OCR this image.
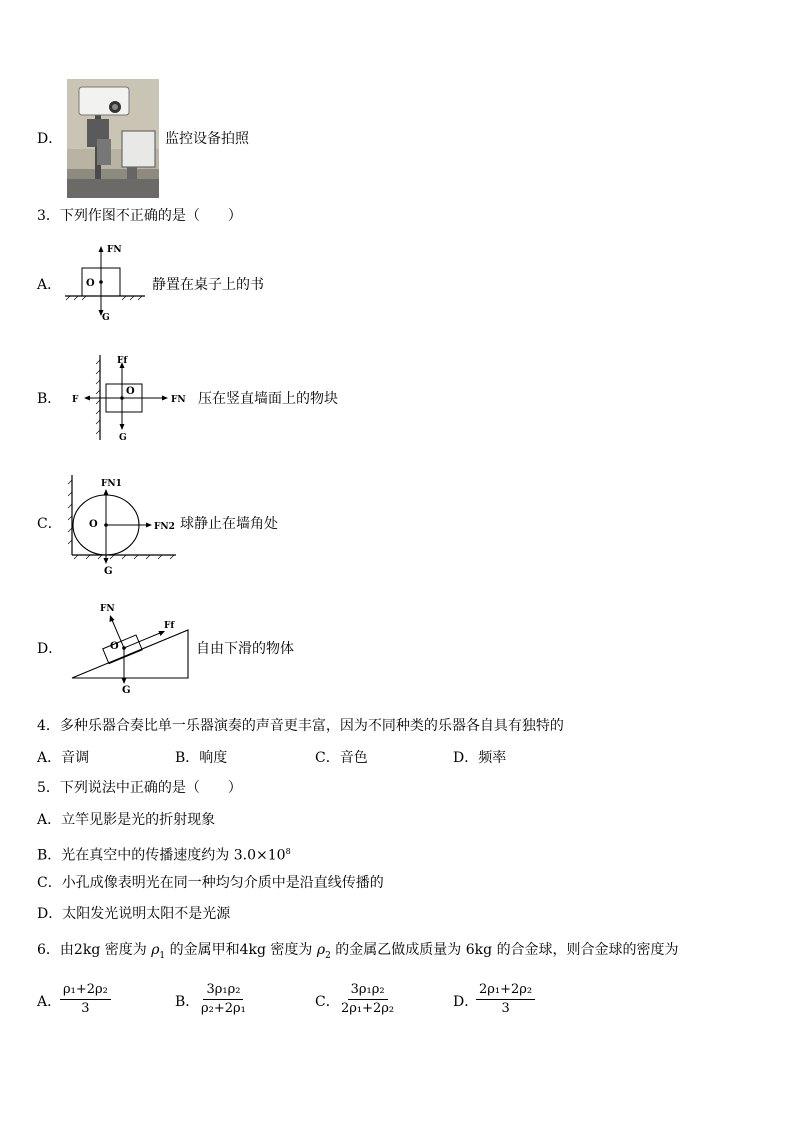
D．	监控设备拍照
3．下列作图不正确的是（　　）
A． O
FN
G
静置在桌子上的书
B．	O
Ff
G
F	FN 压在竖直墙面上的物块
C．	O
FN1
FN2
G
球静止在墙角处
D．	O
FN
Ff
G
自由下滑的物体
4．多种乐器合奏比单一乐器演奏的声音更丰富，因为不同种类的乐器各自具有独特的
A．音调	B．响度	C．音色	D．频率
5．下列说法中正确的是（　　）
A．立竿见影是光的折射现象
B．光在真空中的传播速度约为 $3.0\times 10^8$
C．小孔成像表明光在同一种均匀介质中是沿直线传播的
D．太阳发光说明太阳不是光源
6．由2kg 密度为 $\rho_1$ 的金属甲和4kg 密度为 $\rho_2$ 的金属乙做成质量为 6kg 的合金球，则合金球的密度为
A．
$\frac{\text{ρ₁+2ρ₂}}{3}$	B．
$\frac{\text{3ρ₁ρ₂}}{\text{ρ₂+2ρ₁}}$	C．
$\frac{\text{3ρ₁ρ₂}}{\text{2ρ₁+2ρ₂}}$	D．
$\frac{\text{2ρ₁+2ρ₂}}{3}$
